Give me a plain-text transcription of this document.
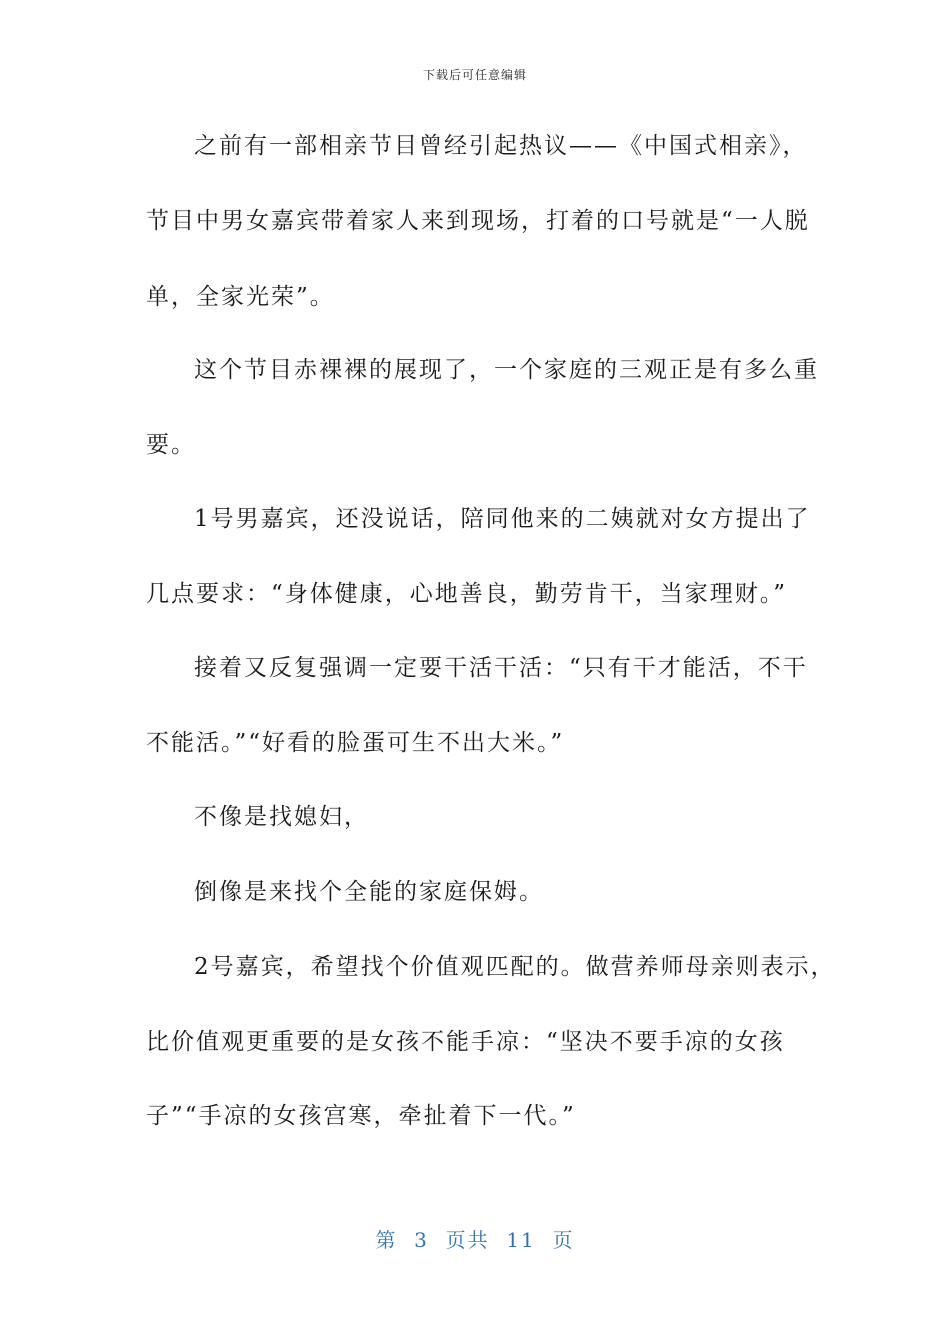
下载后可任意编辑
之前有一部相亲节目曾经引起热议——《中国式相亲》，
节目中男女嘉宾带着家人来到现场，打着的口号就是“一人脱
单，全家光荣”。
这个节目赤裸裸的展现了，一个家庭的三观正是有多么重
要。
1号男嘉宾，还没说话，陪同他来的二姨就对女方提出了
几点要求：“身体健康，心地善良，勤劳肯干，当家理财。”
接着又反复强调一定要干活干活：“只有干才能活，不干
不能活。”“好看的脸蛋可生不出大米。”
不像是找媳妇，
倒像是来找个全能的家庭保姆。
2号嘉宾，希望找个价值观匹配的。做营养师母亲则表示，
比价值观更重要的是女孩不能手凉：“坚决不要手凉的女孩
子”“手凉的女孩宫寒，牵扯着下一代。”
第  3  页共  11  页
